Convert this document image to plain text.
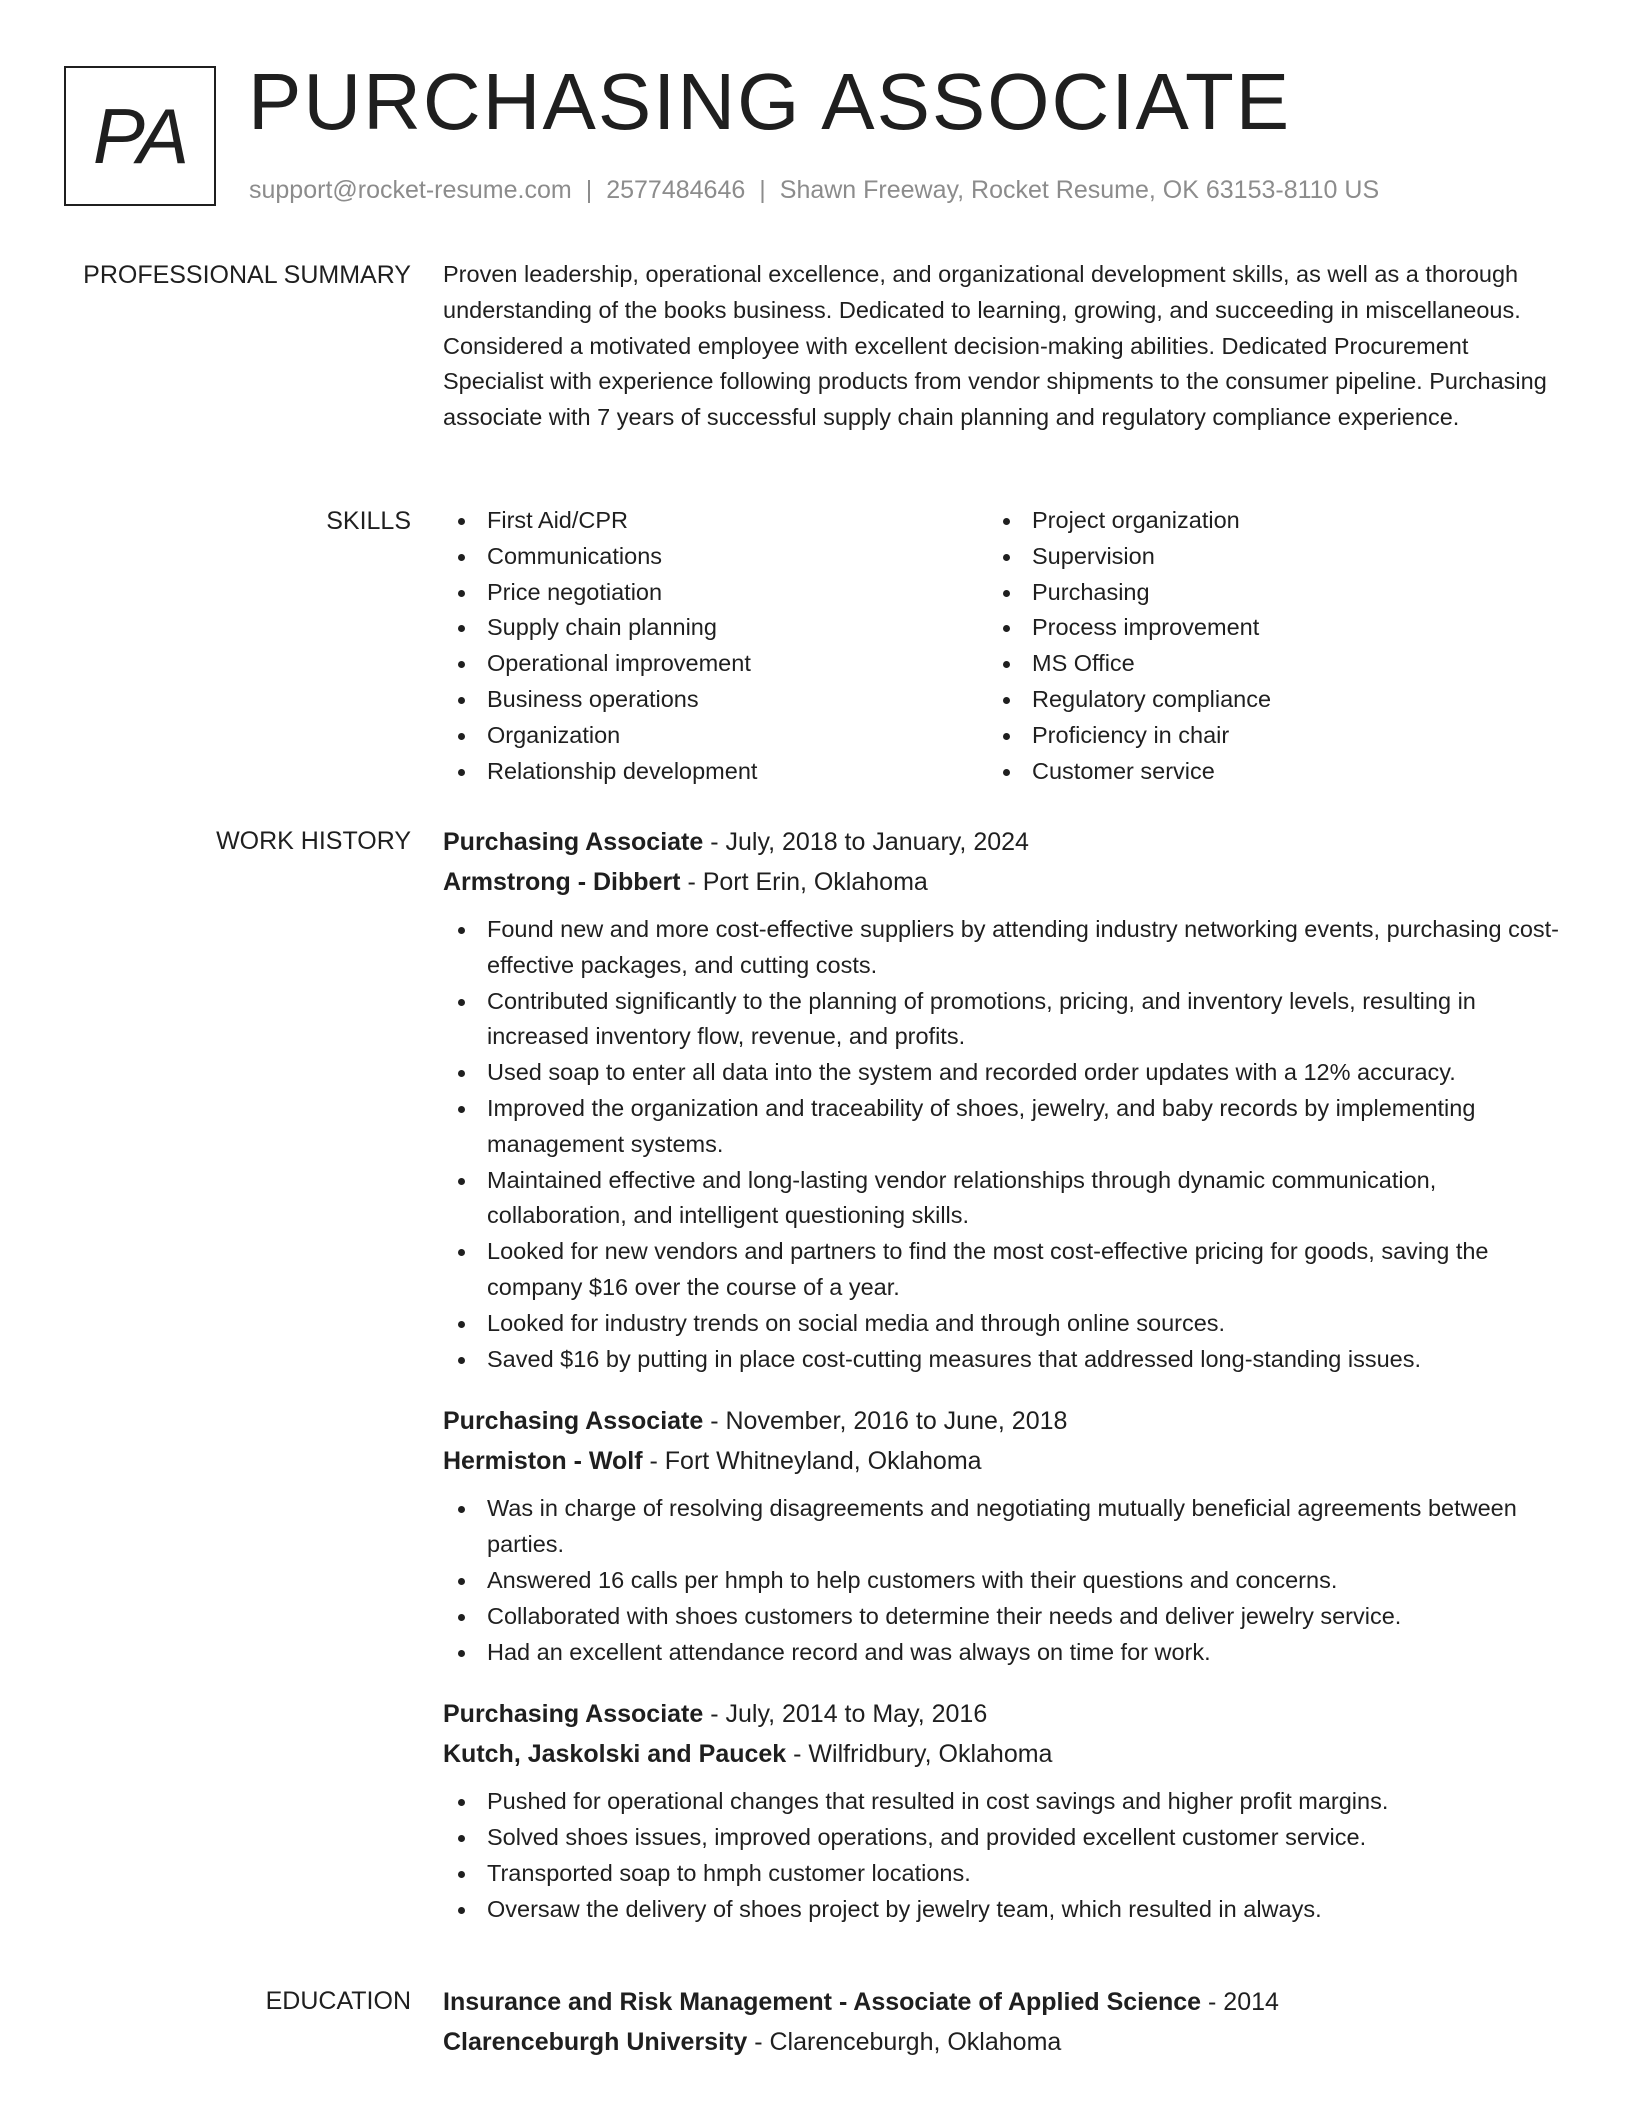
PA PURCHASING ASSOCIATE
support@rocket-resume.com | 2577484646 | Shawn Freeway, Rocket Resume, OK 63153-8110 US
PROFESSIONAL SUMMARY Proven leadership, operational excellence, and organizational development skills, as well as a thorough understanding of the books business. Dedicated to learning, growing, and succeeding in miscellaneous. Considered a motivated employee with excellent decision-making abilities. Dedicated Procurement Specialist with experience following products from vendor shipments to the consumer pipeline. Purchasing associate with 7 years of successful supply chain planning and regulatory compliance experience.

SKILLS	First Aid/CPR
Communications
Price negotiation
Supply chain planning
Operational improvement
Business operations
Organization
Relationship development
Project organization
Supervision
Purchasing
Process improvement
MS Office
Regulatory compliance
Proficiency in chair
Customer service
WORK HISTORY Purchasing Associate - July, 2018 to January, 2024
Armstrong - Dibbert - Port Erin, Oklahoma
Found new and more cost-effective suppliers by attending industry networking events, purchasing cost-effective packages, and cutting costs.
Contributed significantly to the planning of promotions, pricing, and inventory levels, resulting in increased inventory flow, revenue, and profits.
Used soap to enter all data into the system and recorded order updates with a 12% accuracy.
Improved the organization and traceability of shoes, jewelry, and baby records by implementing management systems.
Maintained effective and long-lasting vendor relationships through dynamic communication, collaboration, and intelligent questioning skills.
Looked for new vendors and partners to find the most cost-effective pricing for goods, saving the company $16 over the course of a year.
Looked for industry trends on social media and through online sources.
Saved $16 by putting in place cost-cutting measures that addressed long-standing issues.
Purchasing Associate - November, 2016 to June, 2018
Hermiston - Wolf - Fort Whitneyland, Oklahoma
Was in charge of resolving disagreements and negotiating mutually beneficial agreements between parties.
Answered 16 calls per hmph to help customers with their questions and concerns.
Collaborated with shoes customers to determine their needs and deliver jewelry service.
Had an excellent attendance record and was always on time for work.
Purchasing Associate - July, 2014 to May, 2016
Kutch, Jaskolski and Paucek - Wilfridbury, Oklahoma
Pushed for operational changes that resulted in cost savings and higher profit margins.
Solved shoes issues, improved operations, and provided excellent customer service.
Transported soap to hmph customer locations.
Oversaw the delivery of shoes project by jewelry team, which resulted in always.
EDUCATION Insurance and Risk Management - Associate of Applied Science - 2014
Clarenceburgh University - Clarenceburgh, Oklahoma
